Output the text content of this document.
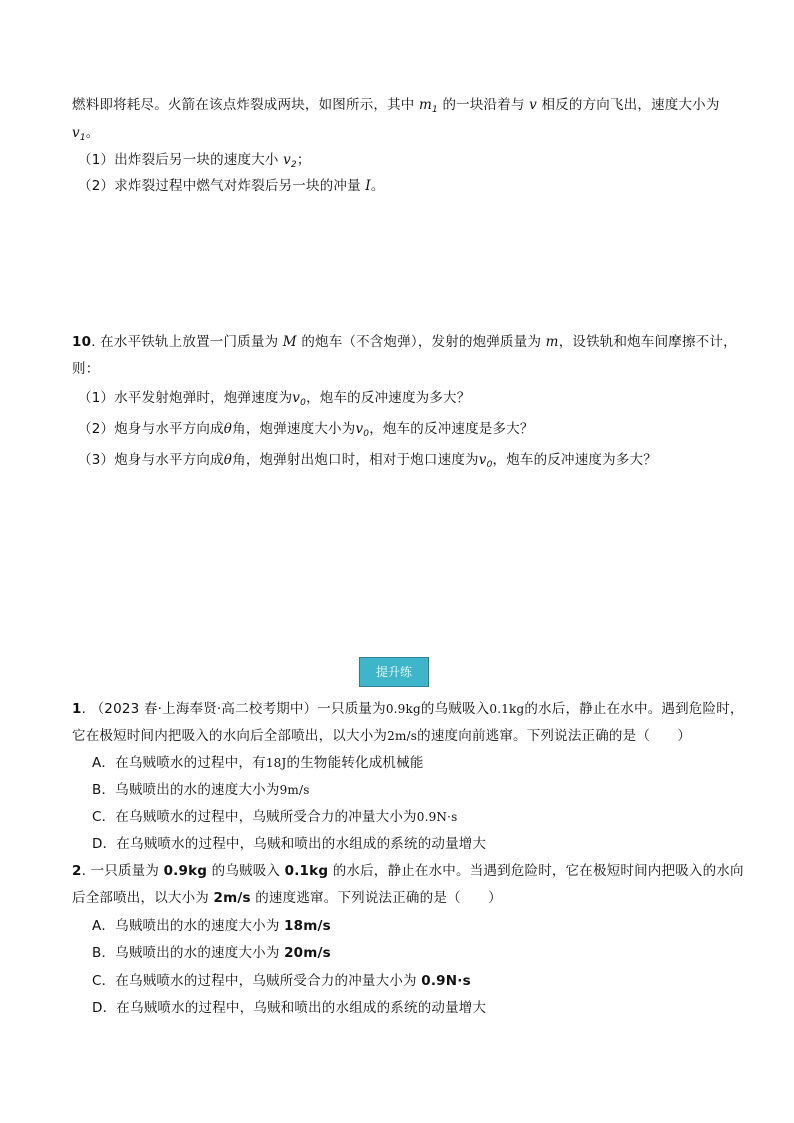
燃料即将耗尽。火箭在该点炸裂成两块，如图所示，其中 $m_1$ 的一块沿着与 v 相反的方向飞出，速度大小为

$v_1$。

（1）出炸裂后另一块的速度大小 $v_2$；

（2）求炸裂过程中燃气对炸裂后另一块的冲量 I。

10. 在水平铁轨上放置一门质量为 M 的炮车（不含炮弹），发射的炮弹质量为 m，设铁轨和炮车间摩擦不计，

则：

（1）水平发射炮弹时，炮弹速度为$v_0$，炮车的反冲速度为多大？

（2）炮身与水平方向成θ角，炮弹速度大小为$v_0$，炮车的反冲速度是多大？

（3）炮身与水平方向成θ角，炮弹射出炮口时，相对于炮口速度为$v_0$，炮车的反冲速度为多大？

提升练

1. （2023 春·上海奉贤·高二校考期中）一只质量为0.9kg的乌贼吸入0.1kg的水后，静止在水中。遇到危险时，

它在极短时间内把吸入的水向后全部喷出，以大小为2m/s的速度向前逃窜。下列说法正确的是（　　）

A．在乌贼喷水的过程中，有18J的生物能转化成机械能

B．乌贼喷出的水的速度大小为9m/s

C．在乌贼喷水的过程中，乌贼所受合力的冲量大小为0.9N·s

D．在乌贼喷水的过程中，乌贼和喷出的水组成的系统的动量增大

2. 一只质量为 0.9kg 的乌贼吸入 0.1kg 的水后，静止在水中。当遇到危险时，它在极短时间内把吸入的水向

后全部喷出，以大小为 2m/s 的速度逃窜。下列说法正确的是（　　）

A．乌贼喷出的水的速度大小为 18m/s

B．乌贼喷出的水的速度大小为 20m/s

C．在乌贼喷水的过程中，乌贼所受合力的冲量大小为 0.9N·s

D．在乌贼喷水的过程中，乌贼和喷出的水组成的系统的动量增大
